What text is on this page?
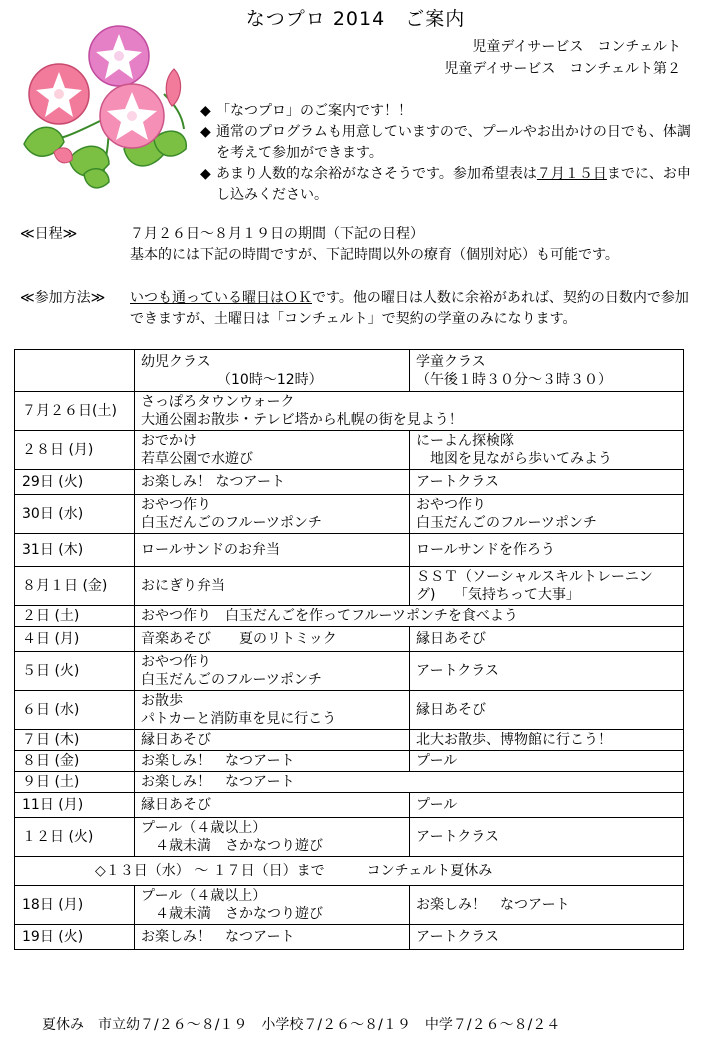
なつプロ 2014　ご案内
児童デイサービス　コンチェルト
児童デイサービス　コンチェルト第２
◆ 「なつプロ」のご案内です！！
◆ 通常のプログラムも用意していますので、プールやお出かけの日でも、体調を考えて参加ができます。
◆ あまり人数的な余裕がなさそうです。参加希望表は７月１５日までに、お申し込みください。
≪日程≫	７月２６日〜８月１９日の期間（下記の日程）
基本的には下記の時間ですが、下記時間以外の療育（個別対応）も可能です。
≪参加方法≫	いつも通っている曜日はＯＫです。他の曜日は人数に余裕があれば、契約の日数内で参加できますが、土曜日は「コンチェルト」で契約の学童のみになります。

	幼児クラス
（10時〜12時）	学童クラス
（午後１時３０分〜３時３０）

７月２６日(土)	さっぽろタウンウォーク
大通公園お散歩・テレビ塔から札幌の街を見よう！	

２８日 (月)	おでかけ
若草公園で水遊び	にーよん探検隊
　地図を見ながら歩いてみよう

29日 (火)	お楽しみ！ なつアート	アートクラス

30日 (水)	おやつ作り
白玉だんごのフルーツポンチ	おやつ作り
白玉だんごのフルーツポンチ

31日 (木)	ロールサンドのお弁当	ロールサンドを作ろう

８月１日 (金)	おにぎり弁当	ＳＳＴ（ソーシャルスキルトレーニン
グ)　 「気持ちって大事」

２日 (土)	おやつ作り　白玉だんごを作ってフルーツポンチを食べよう	

４日 (月)	音楽あそび　　夏のリトミック	縁日あそび

５日 (火)	おやつ作り
白玉だんごのフルーツポンチ	アートクラス

６日 (水)	お散歩
パトカーと消防車を見に行こう	縁日あそび

７日 (木)	縁日あそび	北大お散歩、博物館に行こう！

８日 (金)	お楽しみ！　なつアート	プール

９日 (土)	お楽しみ！　なつアート	

11日 (月)	縁日あそび	プール

１２日 (火)	プール（４歳以上）
　４歳未満　さかなつり遊び	アートクラス

◇１３日（水） 〜 １７日（日）まで　　　コンチェルト夏休み		
18日 (月)	プール（４歳以上）
　４歳未満　さかなつり遊び	お楽しみ！　なつアート

19日 (火)	お楽しみ！　なつアート	アートクラス
夏休み　市立幼７/２６〜８/１９　小学校７/２６〜８/１９　中学７/２６〜８/２４
